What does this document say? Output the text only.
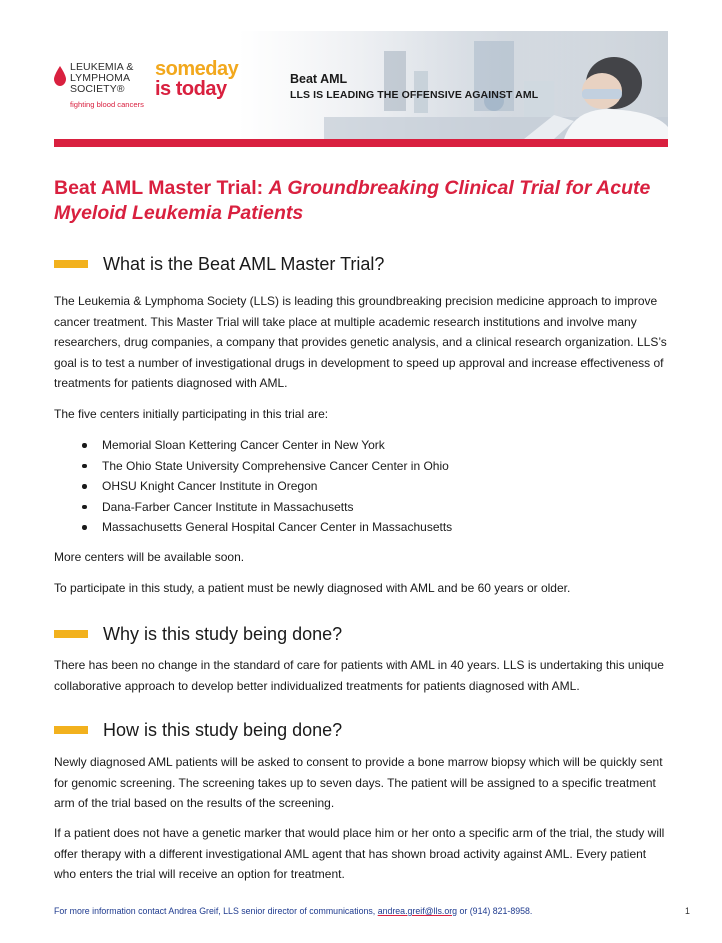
LEUKEMIA &
LYMPHOMA
SOCIETY®
fighting blood cancers
someday
is today	Beat AML
LLS IS LEADING THE OFFENSIVE AGAINST AML
Beat AML Master Trial: A Groundbreaking Clinical Trial for Acute Myeloid Leukemia Patients
What is the Beat AML Master Trial?

The Leukemia & Lymphoma Society (LLS) is leading this groundbreaking precision medicine approach to improve cancer treatment. This Master Trial will take place at multiple academic research institutions and involve many researchers, drug companies, a company that provides genetic analysis, and a clinical research organization. LLS’s goal is to test a number of investigational drugs in development to speed up approval and increase effectiveness of treatments for patients diagnosed with AML.

The five centers initially participating in this trial are:

Memorial Sloan Kettering Cancer Center in New York
The Ohio State University Comprehensive Cancer Center in Ohio
OHSU Knight Cancer Institute in Oregon
Dana-Farber Cancer Institute in Massachusetts
Massachusetts General Hospital Cancer Center in Massachusetts

More centers will be available soon.

To participate in this study, a patient must be newly diagnosed with AML and be 60 years or older.

Why is this study being done?

There has been no change in the standard of care for patients with AML in 40 years. LLS is undertaking this unique collaborative approach to develop better individualized treatments for patients diagnosed with AML.

How is this study being done?

Newly diagnosed AML patients will be asked to consent to provide a bone marrow biopsy which will be quickly sent for genomic screening. The screening takes up to seven days. The patient will be assigned to a specific treatment arm of the trial based on the results of the screening.

If a patient does not have a genetic marker that would place him or her onto a specific arm of the trial, the study will offer therapy with a different investigational AML agent that has shown broad activity against AML. Every patient who enters the trial will receive an option for treatment.

For more information contact Andrea Greif, LLS senior director of communications, andrea.greif@lls.org or (914) 821-8958.	1
